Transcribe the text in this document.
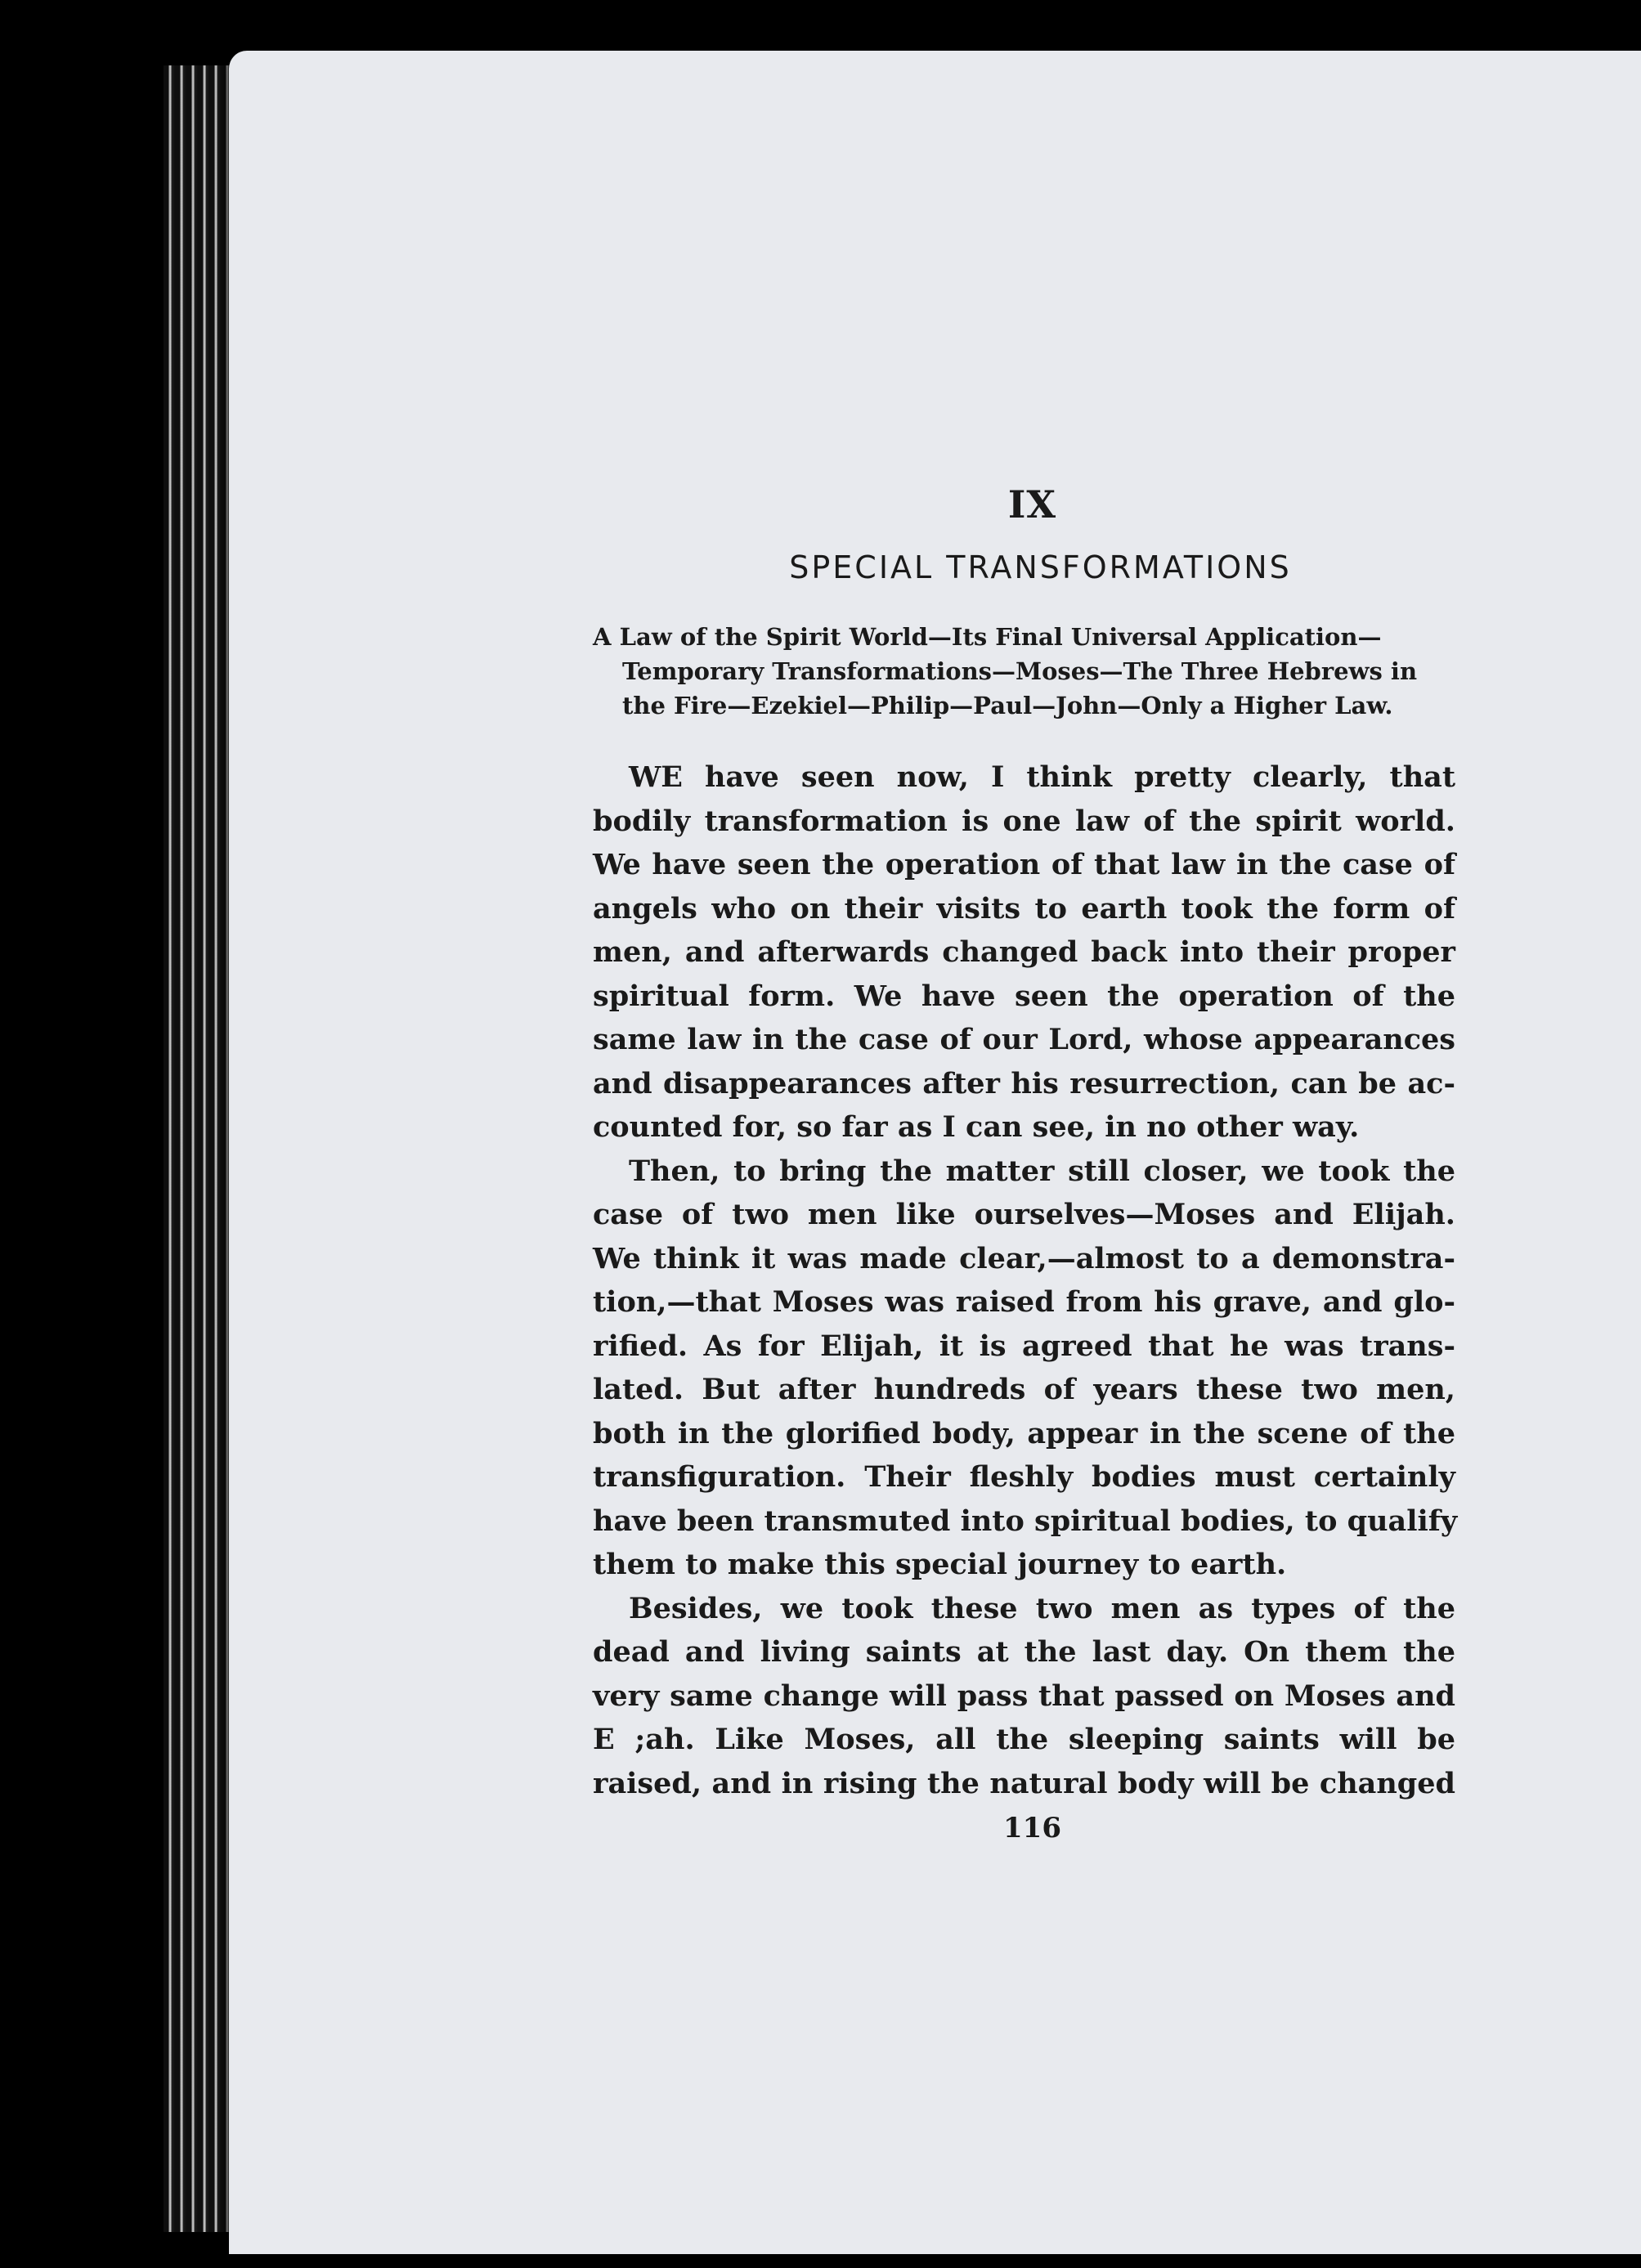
IX
SPECIAL TRANSFORMATIONS
A Law of the Spirit World—Its Final Universal Application—
Temporary Transformations—Moses—The Three Hebrews in
the Fire—Ezekiel—Philip—Paul—John—Only a Higher Law.
WE have seen now, I think pretty clearly, that
bodily transformation is one law of the spirit world.
We have seen the operation of that law in the case of
angels who on their visits to earth took the form of
men, and afterwards changed back into their proper
spiritual form. We have seen the operation of the
same law in the case of our Lord, whose appearances
and disappearances after his resurrection, can be ac-
counted for, so far as I can see, in no other way.
Then, to bring the matter still closer, we took the
case of two men like ourselves—Moses and Elijah.
We think it was made clear,—almost to a demonstra-
tion,—that Moses was raised from his grave, and glo-
rified. As for Elijah, it is agreed that he was trans-
lated. But after hundreds of years these two men,
both in the glorified body, appear in the scene of the
transfiguration. Their fleshly bodies must certainly
have been transmuted into spiritual bodies, to qualify
them to make this special journey to earth.
Besides, we took these two men as types of the
dead and living saints at the last day. On them the
very same change will pass that passed on Moses and
E ;ah. Like Moses, all the sleeping saints will be
raised, and in rising the natural body will be changed
116
